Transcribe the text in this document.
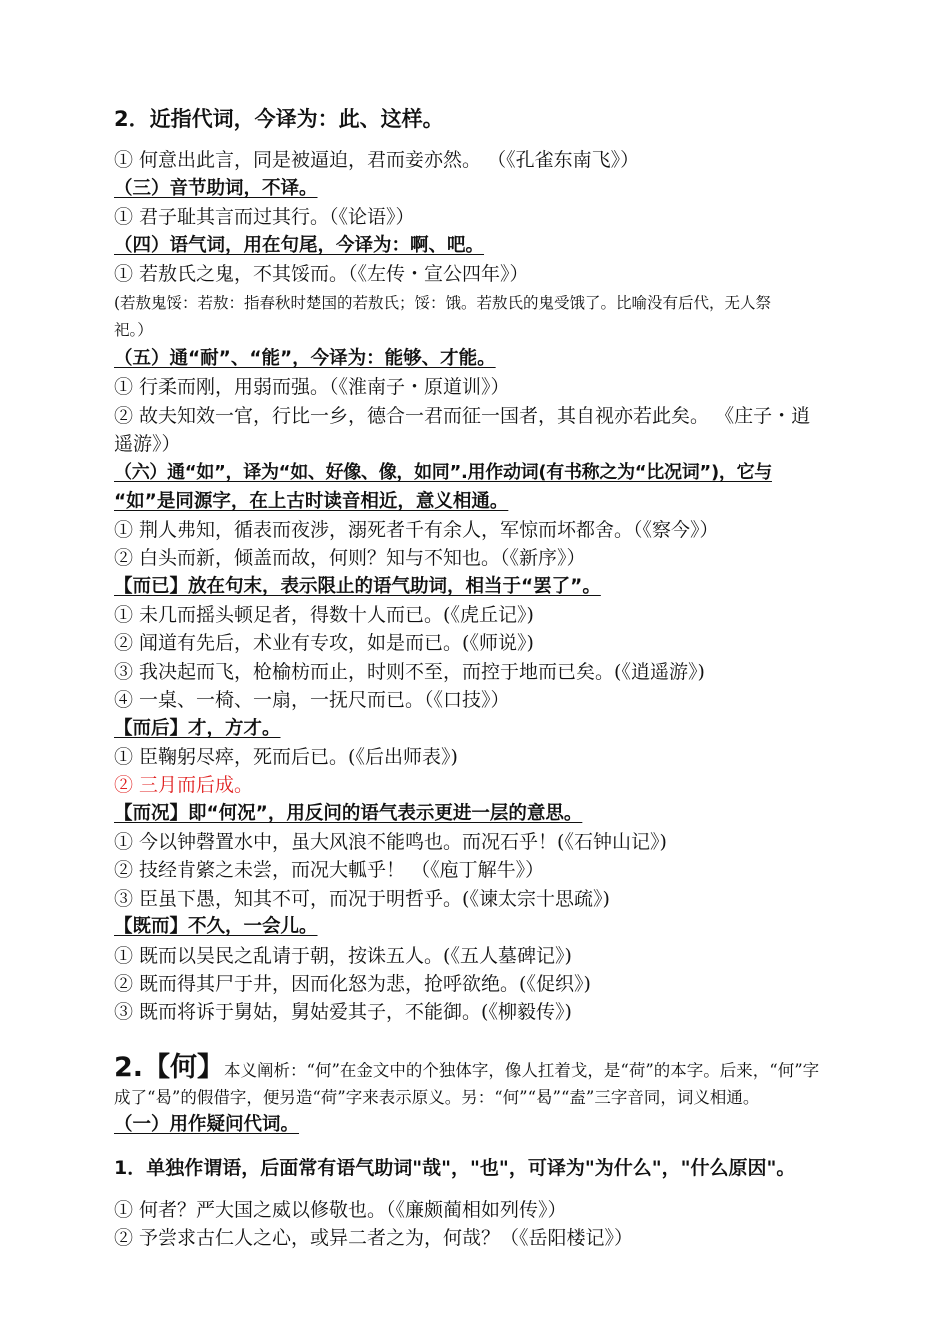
2．近指代词，今译为：此、这样。
① 何意出此言，同是被逼迫，君而妾亦然。 （《孔雀东南飞》）
（三）音节助词，不译。
① 君子耻其言而过其行。（《论语》）
（四）语气词，用在句尾，今译为：啊、吧。
① 若敖氏之鬼，不其馁而。（《左传・宣公四年》）
(若敖鬼馁：若敖：指春秋时楚国的若敖氏；馁：饿。若敖氏的鬼受饿了。比喻没有后代，无人祭
祀。）
（五）通“耐”、“能”，今译为：能够、才能。
① 行柔而刚，用弱而强。（《淮南子・原道训》）
② 故夫知效一官，行比一乡，德合一君而征一国者，其自视亦若此矣。 《庄子・逍
遥游》）
（六）通“如”，译为“如、好像、像，如同”.用作动词(有书称之为“比况词”)，它与
“如”是同源字，在上古时读音相近，意义相通。
① 荆人弗知，循表而夜涉，溺死者千有余人，军惊而坏都舍。（《察今》）
② 白头而新，倾盖而故，何则？知与不知也。（《新序》）
【而已】放在句末，表示限止的语气助词，相当于“罢了”。
① 未几而摇头顿足者，得数十人而已。(《虎丘记》)
② 闻道有先后，术业有专攻，如是而已。(《师说》)
③ 我决起而飞，枪榆枋而止，时则不至，而控于地而已矣。(《逍遥游》)
④ 一桌、一椅、一扇，一抚尺而已。（《口技》）
【而后】才，方才。
① 臣鞠躬尽瘁，死而后已。(《后出师表》)
② 三月而后成。
【而况】即“何况”，用反问的语气表示更进一层的意思。
① 今以钟磬置水中，虽大风浪不能鸣也。而况石乎！(《石钟山记》)
② 技经肯綮之未尝，而况大軱乎！ （《庖丁解牛》）
③ 臣虽下愚，知其不可，而况于明哲乎。(《谏太宗十思疏》)
【既而】不久，一会儿。
① 既而以吴民之乱请于朝，按诛五人。(《五人墓碑记》)
② 既而得其尸于井，因而化怒为悲，抢呼欲绝。(《促织》)
③ 既而将诉于舅姑，舅姑爱其子，不能御。(《柳毅传》)
2.【何】本义阐析：“何”在金文中的个独体字，像人扛着戈，是“荷”的本字。后来，“何”字
成了“曷”的假借字，便另造“荷”字来表示原义。另：“何”“曷”“盍”三字音同，词义相通。
（一）用作疑问代词。
1．单独作谓语，后面常有语气助词"哉"，"也"，可译为"为什么"，"什么原因"。
① 何者？严大国之威以修敬也。（《廉颇蔺相如列传》）
② 予尝求古仁人之心，或异二者之为，何哉？（《岳阳楼记》）
